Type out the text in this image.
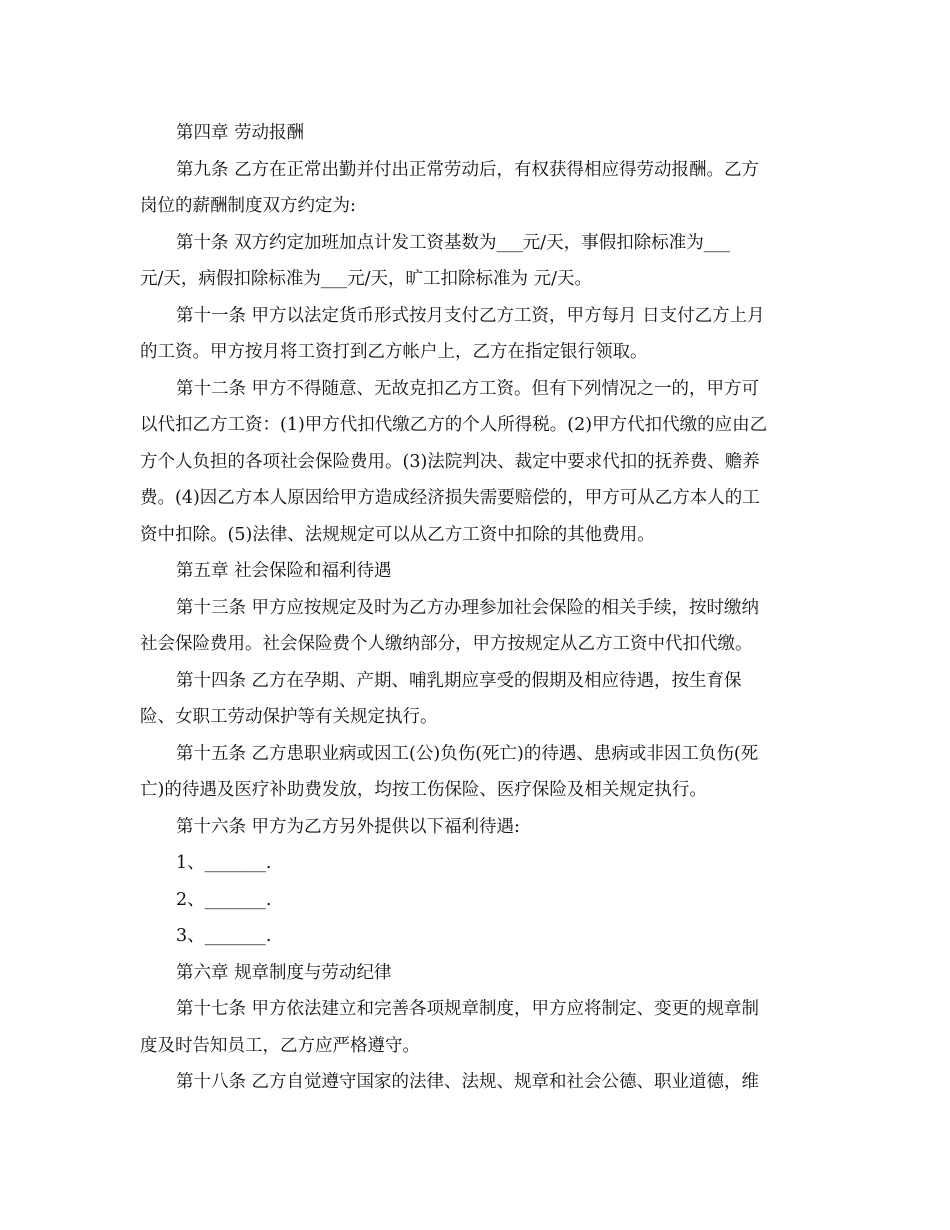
第四章 劳动报酬
第九条 乙方在正常出勤并付出正常劳动后，有权获得相应得劳动报酬。乙方
岗位的薪酬制度双方约定为:
第十条 双方约定加班加点计发工资基数为___元/天，事假扣除标准为___
元/天，病假扣除标准为___元/天，旷工扣除标准为 元/天。
第十一条 甲方以法定货币形式按月支付乙方工资，甲方每月 日支付乙方上月
的工资。甲方按月将工资打到乙方帐户上，乙方在指定银行领取。
第十二条 甲方不得随意、无故克扣乙方工资。但有下列情况之一的，甲方可
以代扣乙方工资：(1)甲方代扣代缴乙方的个人所得税。(2)甲方代扣代缴的应由乙
方个人负担的各项社会保险费用。(3)法院判决、裁定中要求代扣的抚养费、赡养
费。(4)因乙方本人原因给甲方造成经济损失需要赔偿的，甲方可从乙方本人的工
资中扣除。(5)法律、法规规定可以从乙方工资中扣除的其他费用。
第五章 社会保险和福利待遇
第十三条 甲方应按规定及时为乙方办理参加社会保险的相关手续，按时缴纳
社会保险费用。社会保险费个人缴纳部分，甲方按规定从乙方工资中代扣代缴。
第十四条 乙方在孕期、产期、哺乳期应享受的假期及相应待遇，按生育保
险、女职工劳动保护等有关规定执行。
第十五条 乙方患职业病或因工(公)负伤(死亡)的待遇、患病或非因工负伤(死
亡)的待遇及医疗补助费发放，均按工伤保险、医疗保险及相关规定执行。
第十六条 甲方为乙方另外提供以下福利待遇:
1、_______.
2、_______.
3、_______.
第六章 规章制度与劳动纪律
第十七条 甲方依法建立和完善各项规章制度，甲方应将制定、变更的规章制
度及时告知员工，乙方应严格遵守。
第十八条 乙方自觉遵守国家的法律、法规、规章和社会公德、职业道德，维
